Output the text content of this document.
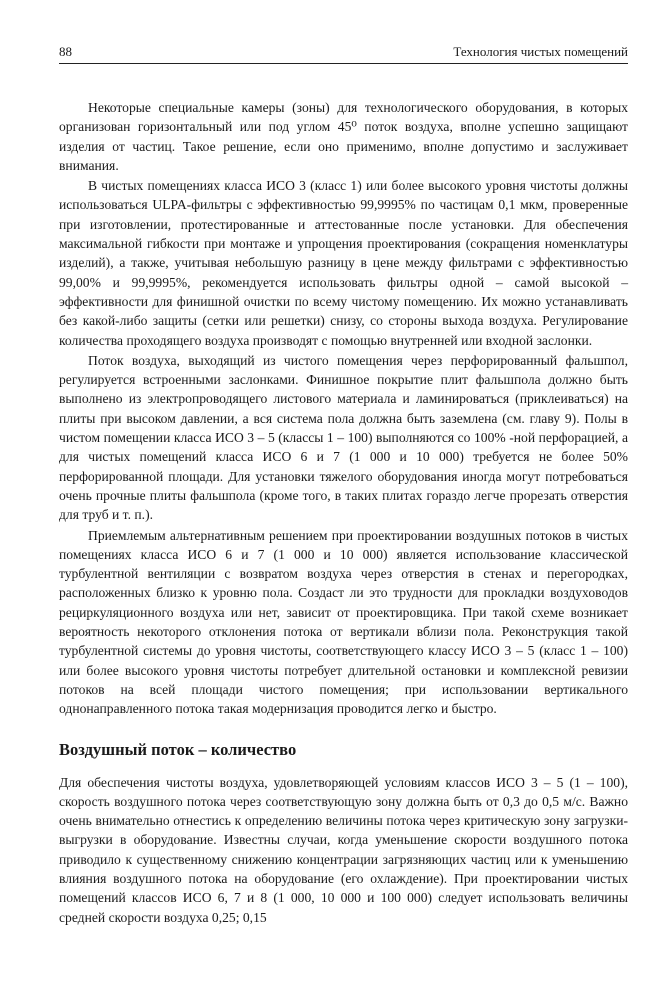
88	Технология чистых помещений

Некоторые специальные камеры (зоны) для технологического оборудования, в которых организован горизонтальный или под углом 45⁰ поток воздуха, вполне успешно защищают изделия от частиц. Такое решение, если оно применимо, вполне допустимо и заслуживает внимания.

В чистых помещениях класса ИСО 3 (класс 1) или более высокого уровня чистоты должны использоваться ULPA-фильтры с эффективностью 99,9995% по частицам 0,1 мкм, проверенные при изготовлении, протестированные и аттестованные после установки. Для обеспечения максимальной гибкости при монтаже и упрощения проектирования (сокращения номенклатуры изделий), а также, учитывая небольшую разницу в цене между фильтрами с эффективностью 99,00% и 99,9995%, рекомендуется использовать фильтры одной – самой высокой – эффективности для финишной очистки по всему чистому помещению. Их можно устанавливать без какой-либо защиты (сетки или решетки) снизу, со стороны выхода воздуха. Регулирование количества проходящего воздуха производят с помощью внутренней или входной заслонки.

Поток воздуха, выходящий из чистого помещения через перфорированный фальшпол, регулируется встроенными заслонками. Финишное покрытие плит фальшпола должно быть выполнено из электропроводящего листового материала и ламинироваться (приклеиваться) на плиты при высоком давлении, а вся система пола должна быть заземлена (см. главу 9). Полы в чистом помещении класса ИСО 3 – 5 (классы 1 – 100) выполняются со 100% -ной перфорацией, а для чистых помещений класса ИСО 6 и 7 (1 000 и 10 000) требуется не более 50% перфорированной площади. Для установки тяжелого оборудования иногда могут потребоваться очень прочные плиты фальшпола (кроме того, в таких плитах гораздо легче прорезать отверстия для труб и т. п.).

Приемлемым альтернативным решением при проектировании воздушных потоков в чистых помещениях класса ИСО 6 и 7 (1 000 и 10 000) является использование классической турбулентной вентиляции с возвратом воздуха через отверстия в стенах и перегородках, расположенных близко к уровню пола. Создаст ли это трудности для прокладки воздуховодов рециркуляционного воздуха или нет, зависит от проектировщика. При такой схеме возникает вероятность некоторого отклонения потока от вертикали вблизи пола. Реконструкция такой турбулентной системы до уровня чистоты, соответствующего классу ИСО 3 – 5 (класс 1 – 100) или более высокого уровня чистоты потребует длительной остановки и комплексной ревизии потоков на всей площади чистого помещения; при использовании вертикального однонаправленного потока такая модернизация проводится легко и быстро.

Воздушный поток – количество

Для обеспечения чистоты воздуха, удовлетворяющей условиям классов ИСО 3 – 5 (1 – 100), скорость воздушного потока через соответствующую зону должна быть от 0,3 до 0,5 м/с. Важно очень внимательно отнестись к определению величины потока через критическую зону загрузки-выгрузки в оборудование. Известны случаи, когда уменьшение скорости воздушного потока приводило к существенному снижению концентрации загрязняющих частиц или к уменьшению влияния воздушного потока на оборудование (его охлаждение). При проектировании чистых помещений классов ИСО 6, 7 и 8 (1 000, 10 000 и 100 000) следует использовать величины средней скорости воздуха 0,25; 0,15
